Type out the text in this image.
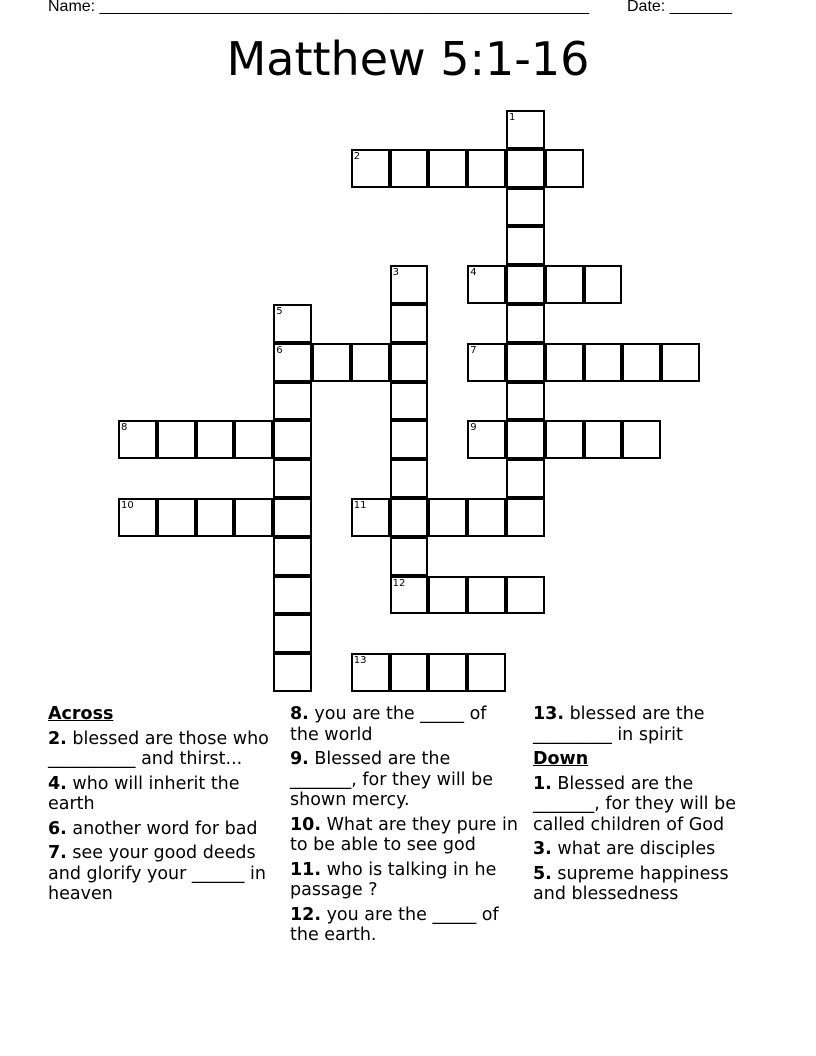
Name: _______________________________________________________ Date: _______
Matthew 5:1-16
1
2
3
12
4
5
6	7
8	9
10	11
13
Across
2. blessed are those who __________ and thirst...
4. who will inherit the earth
6. another word for bad
7. see your good deeds and glorify your ______ in heaven
8. you are the _____ of the world
9. Blessed are the _______, for they will be shown mercy.
10. What are they pure in to be able to see god
11. who is talking in he passage ?
12. you are the _____ of the earth.
13. blessed are the _________ in spirit
Down
1. Blessed are the _______, for they will be called children of God
3. what are disciples
5. supreme happiness and blessedness
